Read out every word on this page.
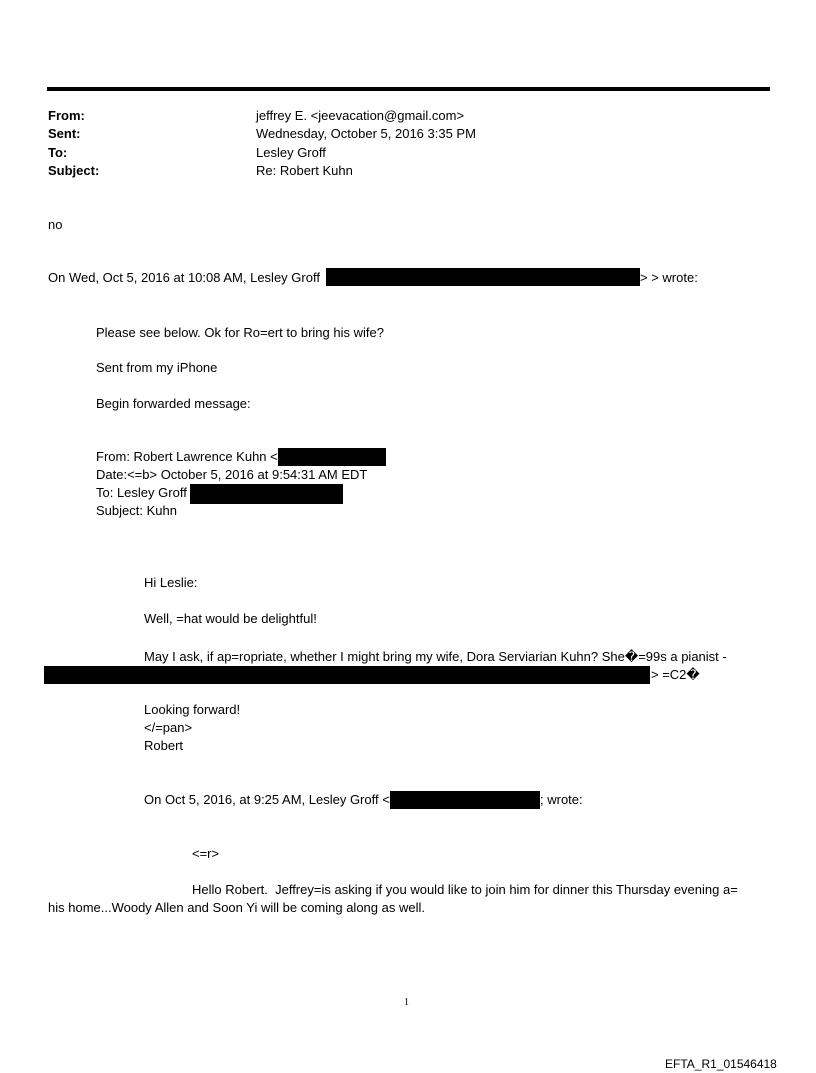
From:	jeffrey E. <jeevacation@gmail.com>
Sent:	Wednesday, October 5, 2016 3:35 PM
To:	Lesley Groff
Subject:	Re: Robert Kuhn
no
On Wed, Oct 5, 2016 at 10:08 AM, Lesley Groff	> > wrote:
Please see below. Ok for Ro=ert to bring his wife?
Sent from my iPhone
Begin forwarded message:
From: Robert Lawrence Kuhn <
Date:<=b> October 5, 2016 at 9:54:31 AM EDT
To: Lesley Groff
Subject: Kuhn
Hi Leslie:
Well, =hat would be delightful!
May I ask, if ap=ropriate, whether I might bring my wife, Dora Serviarian Kuhn? She�=99s a pianist -
> =C2�
Looking forward!
</=pan>
Robert
On Oct 5, 2016, at 9:25 AM, Lesley Groff <	; wrote:
<=r>
Hello Robert.  Jeffrey=is asking if you would like to join him for dinner this Thursday evening a=
his home...Woody Allen and Soon Yi will be coming along as well.
1
EFTA_R1_01546418
